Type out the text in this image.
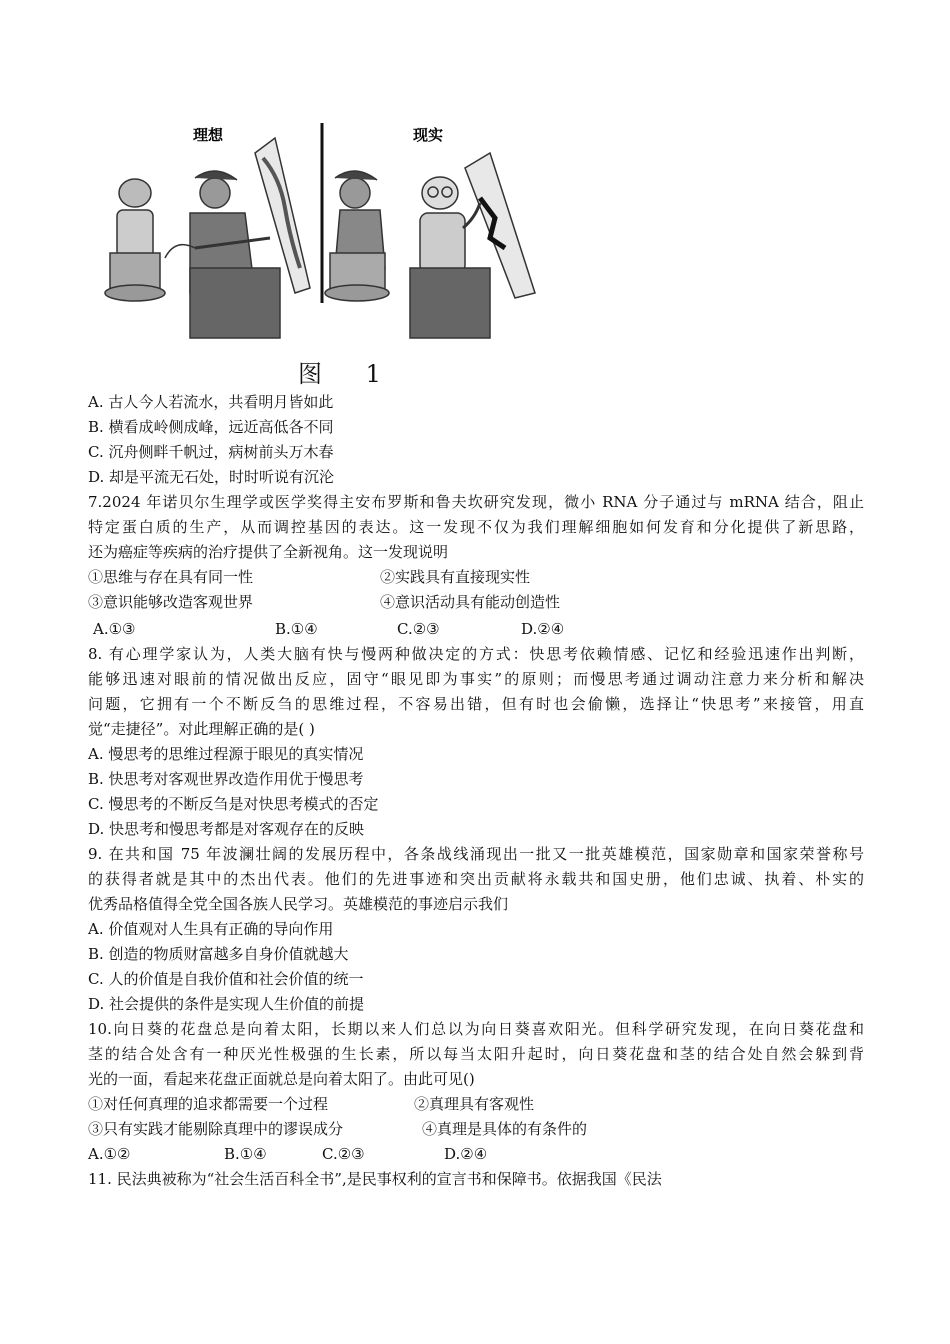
理想	现实
图 1
A. 古人今人若流水，共看明月皆如此
B. 横看成岭侧成峰，远近高低各不同
C. 沉舟侧畔千帆过，病树前头万木春
D. 却是平流无石处，时时听说有沉沦
7.2024 年诺贝尔生理学或医学奖得主安布罗斯和鲁夫坎研究发现，微小 RNA 分子通过与 mRNA 结合，阻止
特定蛋白质的生产，从而调控基因的表达。这一发现不仅为我们理解细胞如何发育和分化提供了新思路，
还为癌症等疾病的治疗提供了全新视角。这一发现说明
①思维与存在具有同一性	②实践具有直接现实性
③意识能够改造客观世界	④意识活动具有能动创造性
A.①③	B.①④	C.②③	D.②④
8. 有心理学家认为，人类大脑有快与慢两种做决定的方式：快思考依赖情感、记忆和经验迅速作出判断，
能够迅速对眼前的情况做出反应，固守“眼见即为事实”的原则；而慢思考通过调动注意力来分析和解决
问题，它拥有一个不断反刍的思维过程，不容易出错，但有时也会偷懒，选择让“快思考”来接管，用直
觉“走捷径”。对此理解正确的是( )
A. 慢思考的思维过程源于眼见的真实情况
B. 快思考对客观世界改造作用优于慢思考
C. 慢思考的不断反刍是对快思考模式的否定
D. 快思考和慢思考都是对客观存在的反映
9. 在共和国 75 年波澜壮阔的发展历程中，各条战线涌现出一批又一批英雄模范，国家勋章和国家荣誉称号
的获得者就是其中的杰出代表。他们的先进事迹和突出贡献将永载共和国史册，他们忠诚、执着、朴实的
优秀品格值得全党全国各族人民学习。英雄模范的事迹启示我们
A. 价值观对人生具有正确的导向作用
B. 创造的物质财富越多自身价值就越大
C. 人的价值是自我价值和社会价值的统一
D. 社会提供的条件是实现人生价值的前提
10.向日葵的花盘总是向着太阳，长期以来人们总以为向日葵喜欢阳光。但科学研究发现，在向日葵花盘和
茎的结合处含有一种厌光性极强的生长素，所以每当太阳升起时，向日葵花盘和茎的结合处自然会躲到背
光的一面，看起来花盘正面就总是向着太阳了。由此可见()
①对任何真理的追求都需要一个过程	②真理具有客观性
③只有实践才能剔除真理中的谬误成分	④真理是具体的有条件的
A.①②	B.①④	C.②③	D.②④
11. 民法典被称为“社会生活百科全书”,是民事权利的宣言书和保障书。依据我国《民法
